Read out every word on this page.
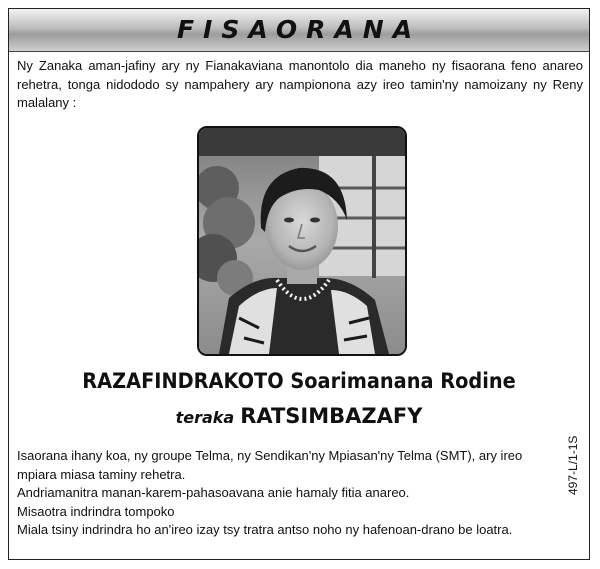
FISAORANA
Ny Zanaka aman-jafiny ary ny Fianakaviana manontolo dia maneho ny fisaorana feno anareo rehetra, tonga nidododo sy nampahery ary nampionona azy ireo tamin'ny namoizany ny Reny malalany :
RAZAFINDRAKOTO Soarimanana Rodine
teraka RATSIMBAZAFY

Isaorana ihany koa, ny groupe Telma, ny Sendikan'ny Mpiasan'ny Telma (SMT), ary ireo mpiara miasa taminy rehetra.

Andriamanitra manan-karem-pahasoavana anie hamaly fitia anareo.

Misaotra indrindra tompoko

Miala tsiny indrindra ho an'ireo izay tsy tratra antso noho ny hafenoan-drano be loatra.

497-L/1-1S
